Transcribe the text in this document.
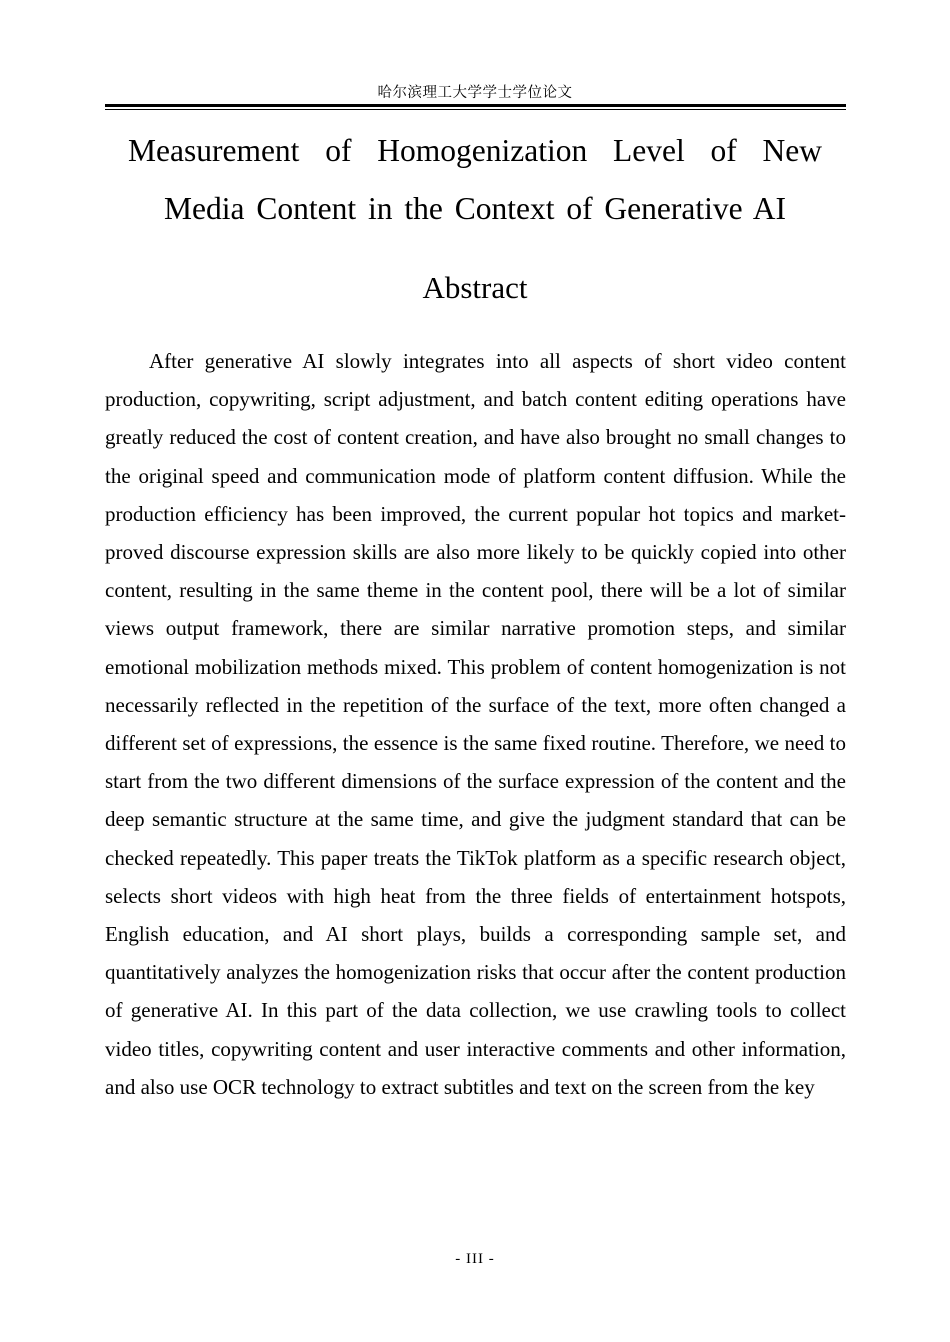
哈尔滨理工大学学士学位论文
Measurement of Homogenization Level of New Media Content in the Context of Generative AI
Abstract

After generative AI slowly integrates into all aspects of short video content production, copywriting, script adjustment, and batch content editing operations have greatly reduced the cost of content creation, and have also brought no small changes to the original speed and communication mode of platform content diffusion. While the production efficiency has been improved, the current popular hot topics and market-proved discourse expression skills are also more likely to be quickly copied into other content, resulting in the same theme in the content pool, there will be a lot of similar views output framework, there are similar narrative promotion steps, and similar emotional mobilization methods mixed. This problem of content homogenization is not necessarily reflected in the repetition of the surface of the text, more often changed a different set of expressions, the essence is the same fixed routine. Therefore, we need to start from the two different dimensions of the surface expression of the content and the deep semantic structure at the same time, and give the judgment standard that can be checked repeatedly. This paper treats the TikTok platform as a specific research object, selects short videos with high heat from the three fields of entertainment hotspots, English education, and AI short plays, builds a corresponding sample set, and quantitatively analyzes the homogenization risks that occur after the content production of generative AI. In this part of the data collection, we use crawling tools to collect video titles, copywriting content and user interactive comments and other information, and also use OCR technology to extract subtitles and text on the screen from the key

- III -
